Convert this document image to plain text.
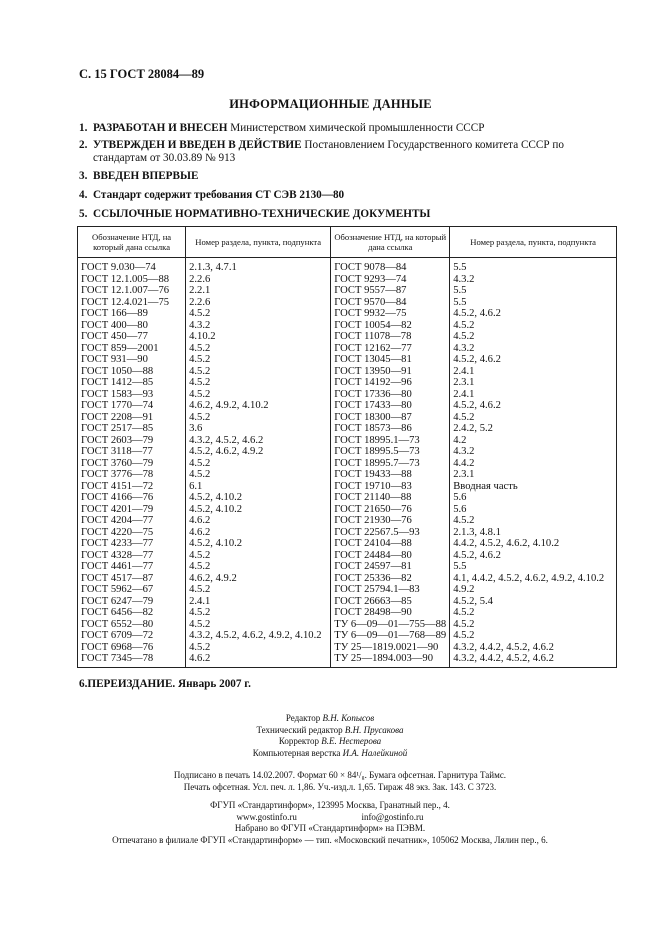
С. 15 ГОСТ 28084—89
ИНФОРМАЦИОННЫЕ ДАННЫЕ
1. РАЗРАБОТАН И ВНЕСЕН Министерством химической промышленности СССР
2. УТВЕРЖДЕН И ВВЕДЕН В ДЕЙСТВИЕ Постановлением Государственного комитета СССР по
стандартам от 30.03.89 № 913
3. ВВЕДЕН ВПЕРВЫЕ
4. Стандарт содержит требования СТ СЭВ 2130—80
5. ССЫЛОЧНЫЕ НОРМАТИВНО-ТЕХНИЧЕСКИЕ ДОКУМЕНТЫ
Обозначение НТД, на который дана ссылка	Номер раздела, пункта, подпункта	Обозначение НТД, на который дана ссылка	Номер раздела, пункта, подпункта
ГОСТ 9.030—74	2.1.3, 4.7.1	ГОСТ 9078—84	5.5
ГОСТ 12.1.005—88	2.2.6	ГОСТ 9293—74	4.3.2
ГОСТ 12.1.007—76	2.2.1	ГОСТ 9557—87	5.5
ГОСТ 12.4.021—75	2.2.6	ГОСТ 9570—84	5.5
ГОСТ 166—89	4.5.2	ГОСТ 9932—75	4.5.2, 4.6.2
ГОСТ 400—80	4.3.2	ГОСТ 10054—82	4.5.2
ГОСТ 450—77	4.10.2	ГОСТ 11078—78	4.5.2
ГОСТ 859—2001	4.5.2	ГОСТ 12162—77	4.3.2
ГОСТ 931—90	4.5.2	ГОСТ 13045—81	4.5.2, 4.6.2
ГОСТ 1050—88	4.5.2	ГОСТ 13950—91	2.4.1
ГОСТ 1412—85	4.5.2	ГОСТ 14192—96	2.3.1
ГОСТ 1583—93	4.5.2	ГОСТ 17336—80	2.4.1
ГОСТ 1770—74	4.6.2, 4.9.2, 4.10.2	ГОСТ 17433—80	4.5.2, 4.6.2
ГОСТ 2208—91	4.5.2	ГОСТ 18300—87	4.5.2
ГОСТ 2517—85	3.6	ГОСТ 18573—86	2.4.2, 5.2
ГОСТ 2603—79	4.3.2, 4.5.2, 4.6.2	ГОСТ 18995.1—73	4.2
ГОСТ 3118—77	4.5.2, 4.6.2, 4.9.2	ГОСТ 18995.5—73	4.3.2
ГОСТ 3760—79	4.5.2	ГОСТ 18995.7—73	4.4.2
ГОСТ 3776—78	4.5.2	ГОСТ 19433—88	2.3.1
ГОСТ 4151—72	6.1	ГОСТ 19710—83	Вводная часть
ГОСТ 4166—76	4.5.2, 4.10.2	ГОСТ 21140—88	5.6
ГОСТ 4201—79	4.5.2, 4.10.2	ГОСТ 21650—76	5.6
ГОСТ 4204—77	4.6.2	ГОСТ 21930—76	4.5.2
ГОСТ 4220—75	4.6.2	ГОСТ 22567.5—93	2.1.3, 4.8.1
ГОСТ 4233—77	4.5.2, 4.10.2	ГОСТ 24104—88	4.4.2, 4.5.2, 4.6.2, 4.10.2
ГОСТ 4328—77	4.5.2	ГОСТ 24484—80	4.5.2, 4.6.2
ГОСТ 4461—77	4.5.2	ГОСТ 24597—81	5.5
ГОСТ 4517—87	4.6.2, 4.9.2	ГОСТ 25336—82	4.1, 4.4.2, 4.5.2, 4.6.2, 4.9.2, 4.10.2
ГОСТ 5962—67	4.5.2	ГОСТ 25794.1—83	4.9.2
ГОСТ 6247—79	2.4.1	ГОСТ 26663—85	4.5.2, 5.4
ГОСТ 6456—82	4.5.2	ГОСТ 28498—90	4.5.2
ГОСТ 6552—80	4.5.2	ТУ 6—09—01—755—88	4.5.2
ГОСТ 6709—72	4.3.2, 4.5.2, 4.6.2, 4.9.2, 4.10.2	ТУ 6—09—01—768—89	4.5.2
ГОСТ 6968—76	4.5.2	ТУ 25—1819.0021—90	4.3.2, 4.4.2, 4.5.2, 4.6.2
ГОСТ 7345—78	4.6.2	ТУ 25—1894.003—90	4.3.2, 4.4.2, 4.5.2, 4.6.2
6.ПЕРЕИЗДАНИЕ. Январь 2007 г.
Редактор В.Н. Копысов
Технический редактор В.Н. Прусакова
Корректор В.Е. Нестерова
Компьютерная верстка И.А. Налейкиной
Подписано в печать 14.02.2007. Формат 60 × 84¹/₈. Бумага офсетная. Гарнитура Таймс.
Печать офсетная. Усл. печ. л. 1,86. Уч.-изд.л. 1,65. Тираж 48 экз. Зак. 143. С 3723.
ФГУП «Стандартинформ», 123995 Москва, Гранатный пер., 4.
www.gostinfo.ru	info@gostinfo.ru
Набрано во ФГУП «Стандартинформ» на ПЭВМ.
Отпечатано в филиале ФГУП «Стандартинформ» — тип. «Московский печатник», 105062 Москва, Лялин пер., 6.
